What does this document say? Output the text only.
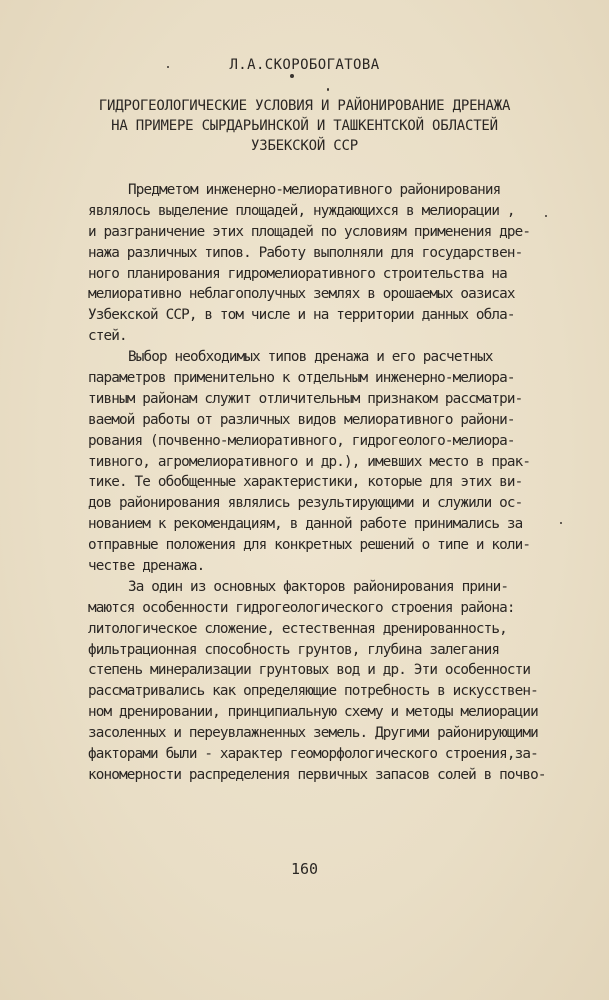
Л.А.СКОРОБОГАТОВА
ГИДРОГЕОЛОГИЧЕСКИЕ УСЛОВИЯ И РАЙОНИРОВАНИЕ ДРЕНАЖА
НА ПРИМЕРЕ СЫРДАРЬИНСКОЙ И ТАШКЕНТСКОЙ ОБЛАСТЕЙ
УЗБЕКСКОЙ ССР
Предметом инженерно-мелиоративного районирования
являлось выделение площадей, нуждающихся в мелиорации ,
и разграничение этих площадей по условиям применения дре-
нажа различных типов. Работу выполняли для государствен-
ного планирования гидромелиоративного строительства на
мелиоративно неблагополучных землях в орошаемых оазисах
Узбекской ССР, в том числе и на территории данных обла-
стей.
Выбор необходимых типов дренажа и его расчетных
параметров применительно к отдельным инженерно-мелиора-
тивным районам служит отличительным признаком рассматри-
ваемой работы от различных видов мелиоративного райони-
рования (почвенно-мелиоративного, гидрогеолого-мелиора-
тивного, агромелиоративного и др.), имевших место в прак-
тике. Те обобщенные характеристики, которые для этих ви-
дов районирования являлись результирующими и служили ос-
нованием к рекомендациям, в данной работе принимались за
отправные положения для конкретных решений о типе и коли-
честве дренажа.
За один из основных факторов районирования прини-
маются особенности гидрогеологического строения района:
литологическое сложение, естественная дренированность,
фильтрационная способность грунтов, глубина залегания
степень минерализации грунтовых вод и др. Эти особенности
рассматривались как определяющие потребность в искусствен-
ном дренировании, принципиальную схему и методы мелиорации
засоленных и переувлажненных земель. Другими районирующими
факторами были - характер геоморфологического строения,за-
кономерности распределения первичных запасов солей в почво-
160
